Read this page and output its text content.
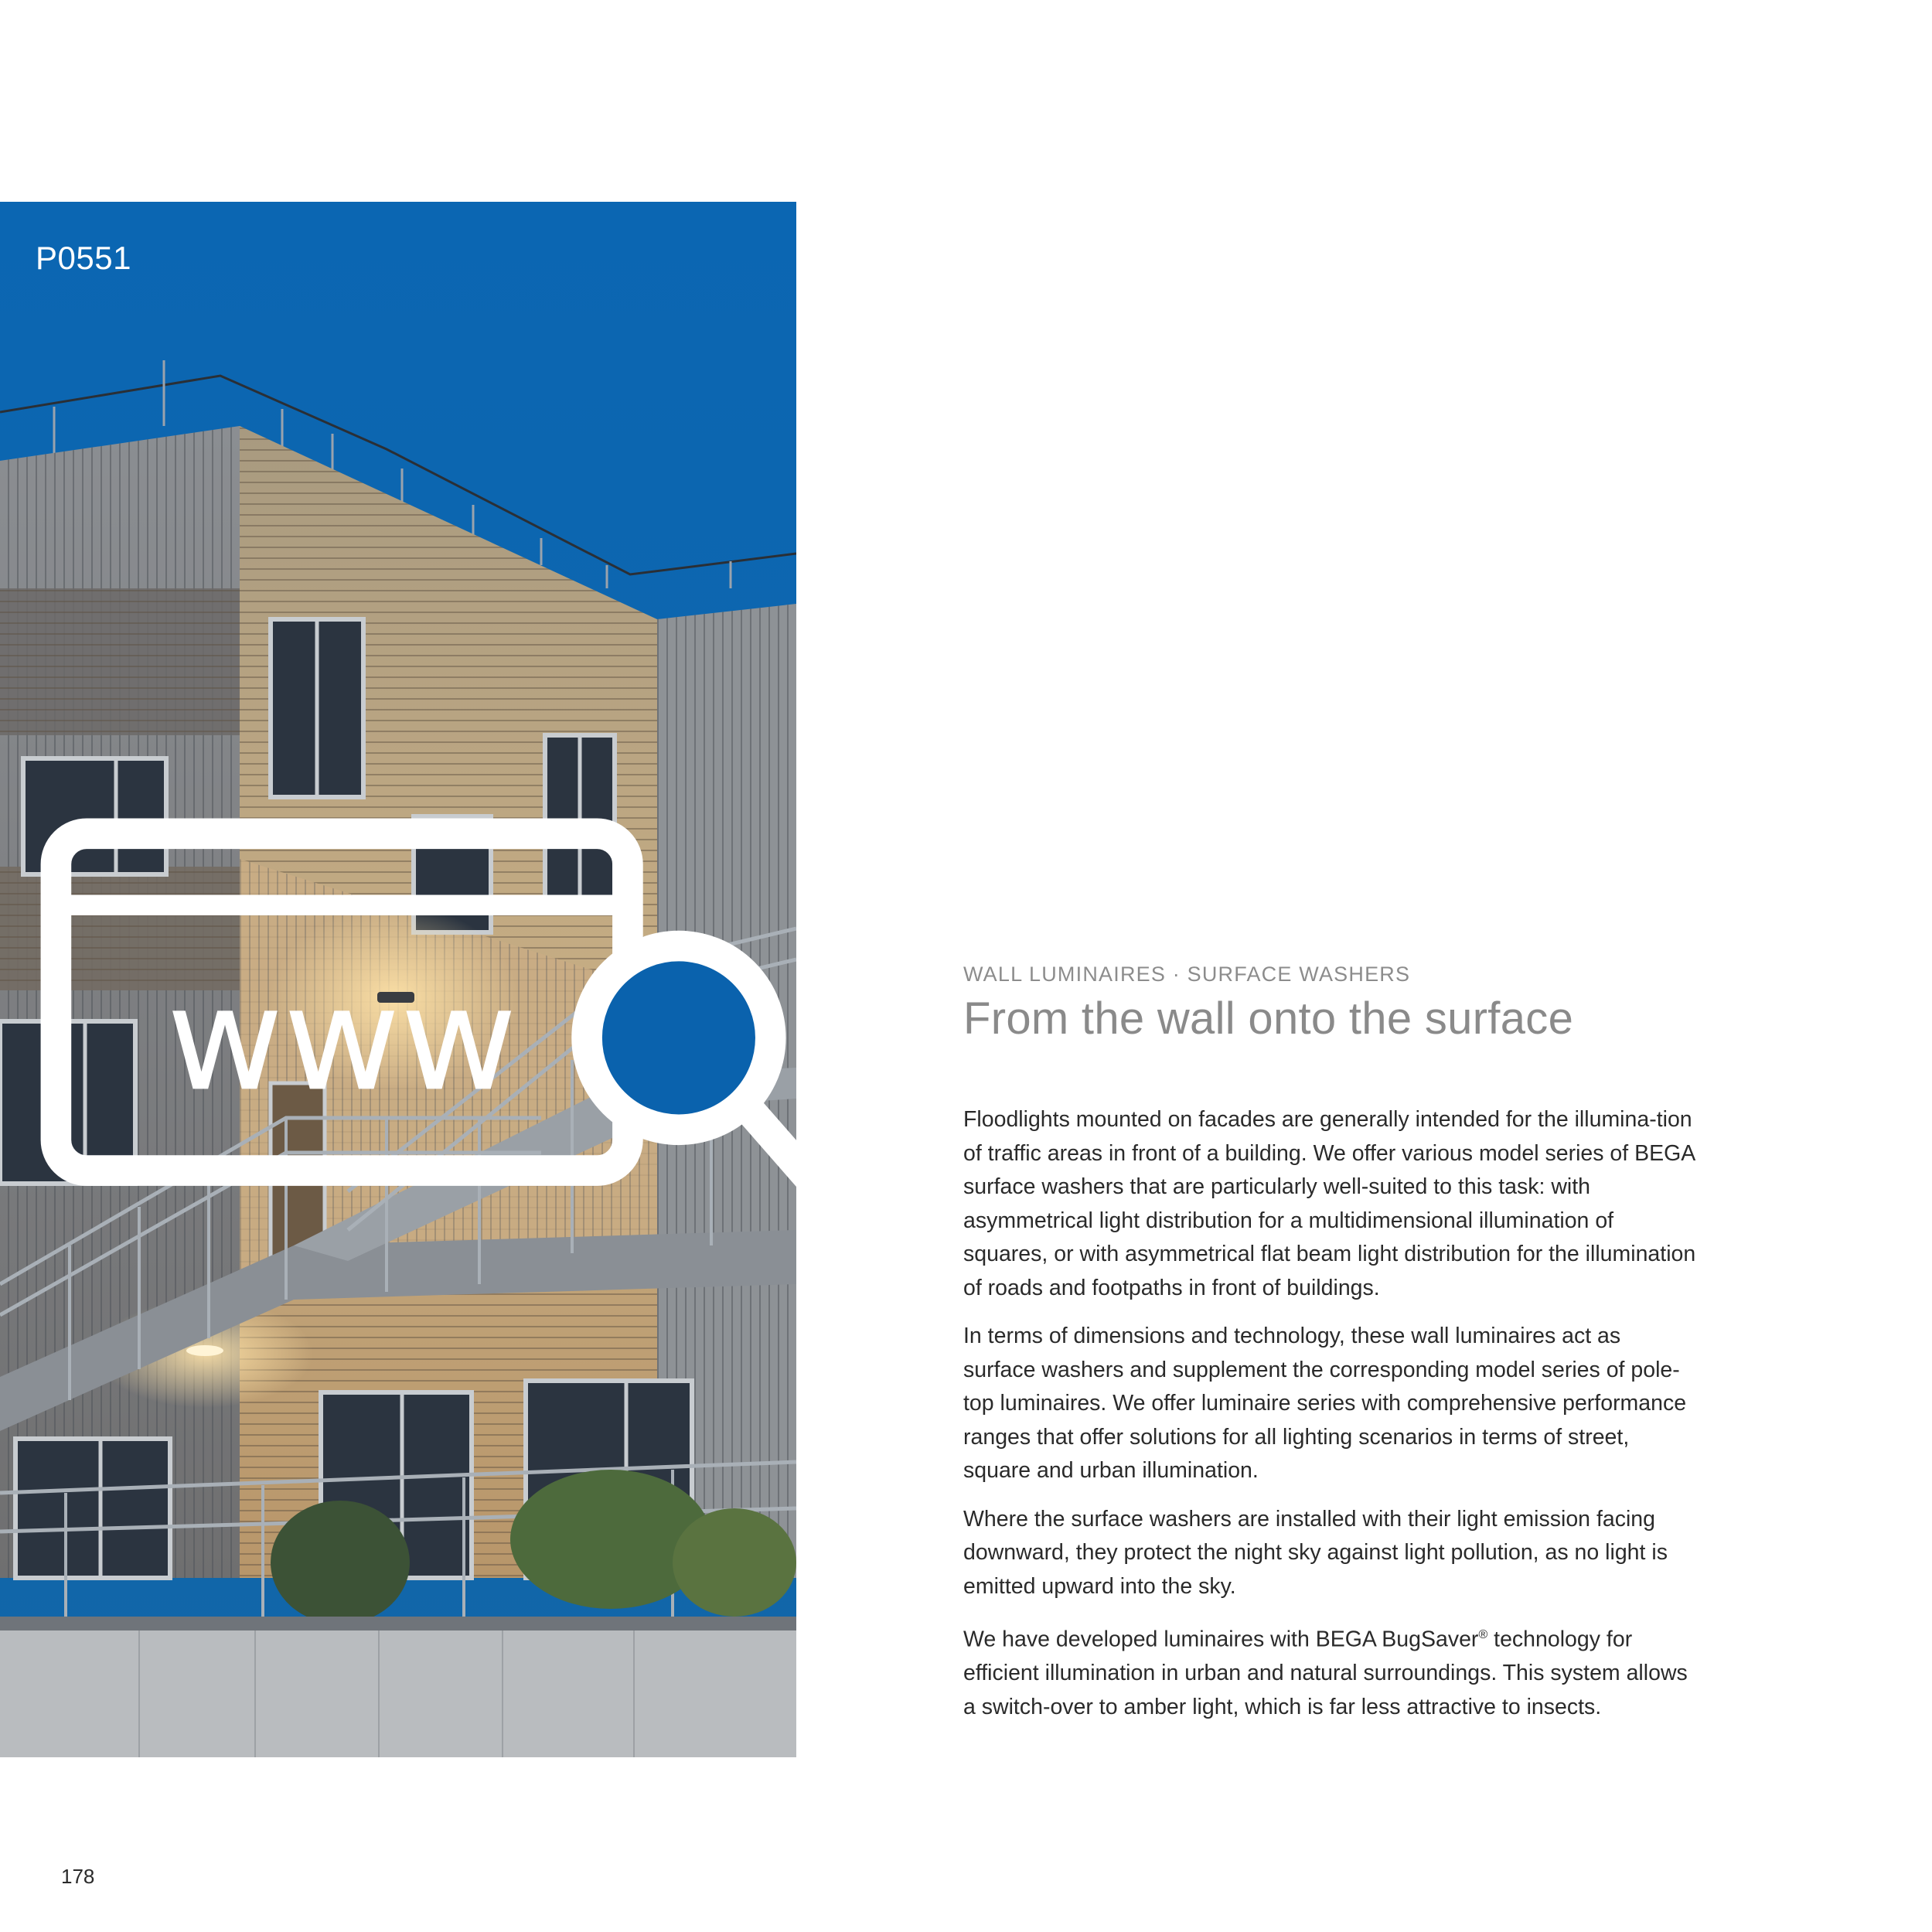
www
P0551

WALL LUMINAIRES · SURFACE WASHERS

From the wall onto the surface

Floodlights mounted on facades are generally intended for the illumina-tion of traffic areas in front of a building. We offer various model series of BEGA surface washers that are particularly well-suited to this task: with asymmetrical light distribution for a multidimensional illumination of squares, or with asymmetrical flat beam light distribution for the illumination of roads and footpaths in front of buildings.

In terms of dimensions and technology, these wall luminaires act as surface washers and supplement the corresponding model series of pole-top luminaires. We offer luminaire series with comprehensive performance ranges that offer solutions for all lighting scenarios in terms of street, square and urban illumination.

Where the surface washers are installed with their light emission facing downward, they protect the night sky against light pollution, as no light is emitted upward into the sky.

We have developed luminaires with BEGA BugSaver® technology for efficient illumination in urban and natural surroundings. This system allows a switch-over to amber light, which is far less attractive to insects.

178
